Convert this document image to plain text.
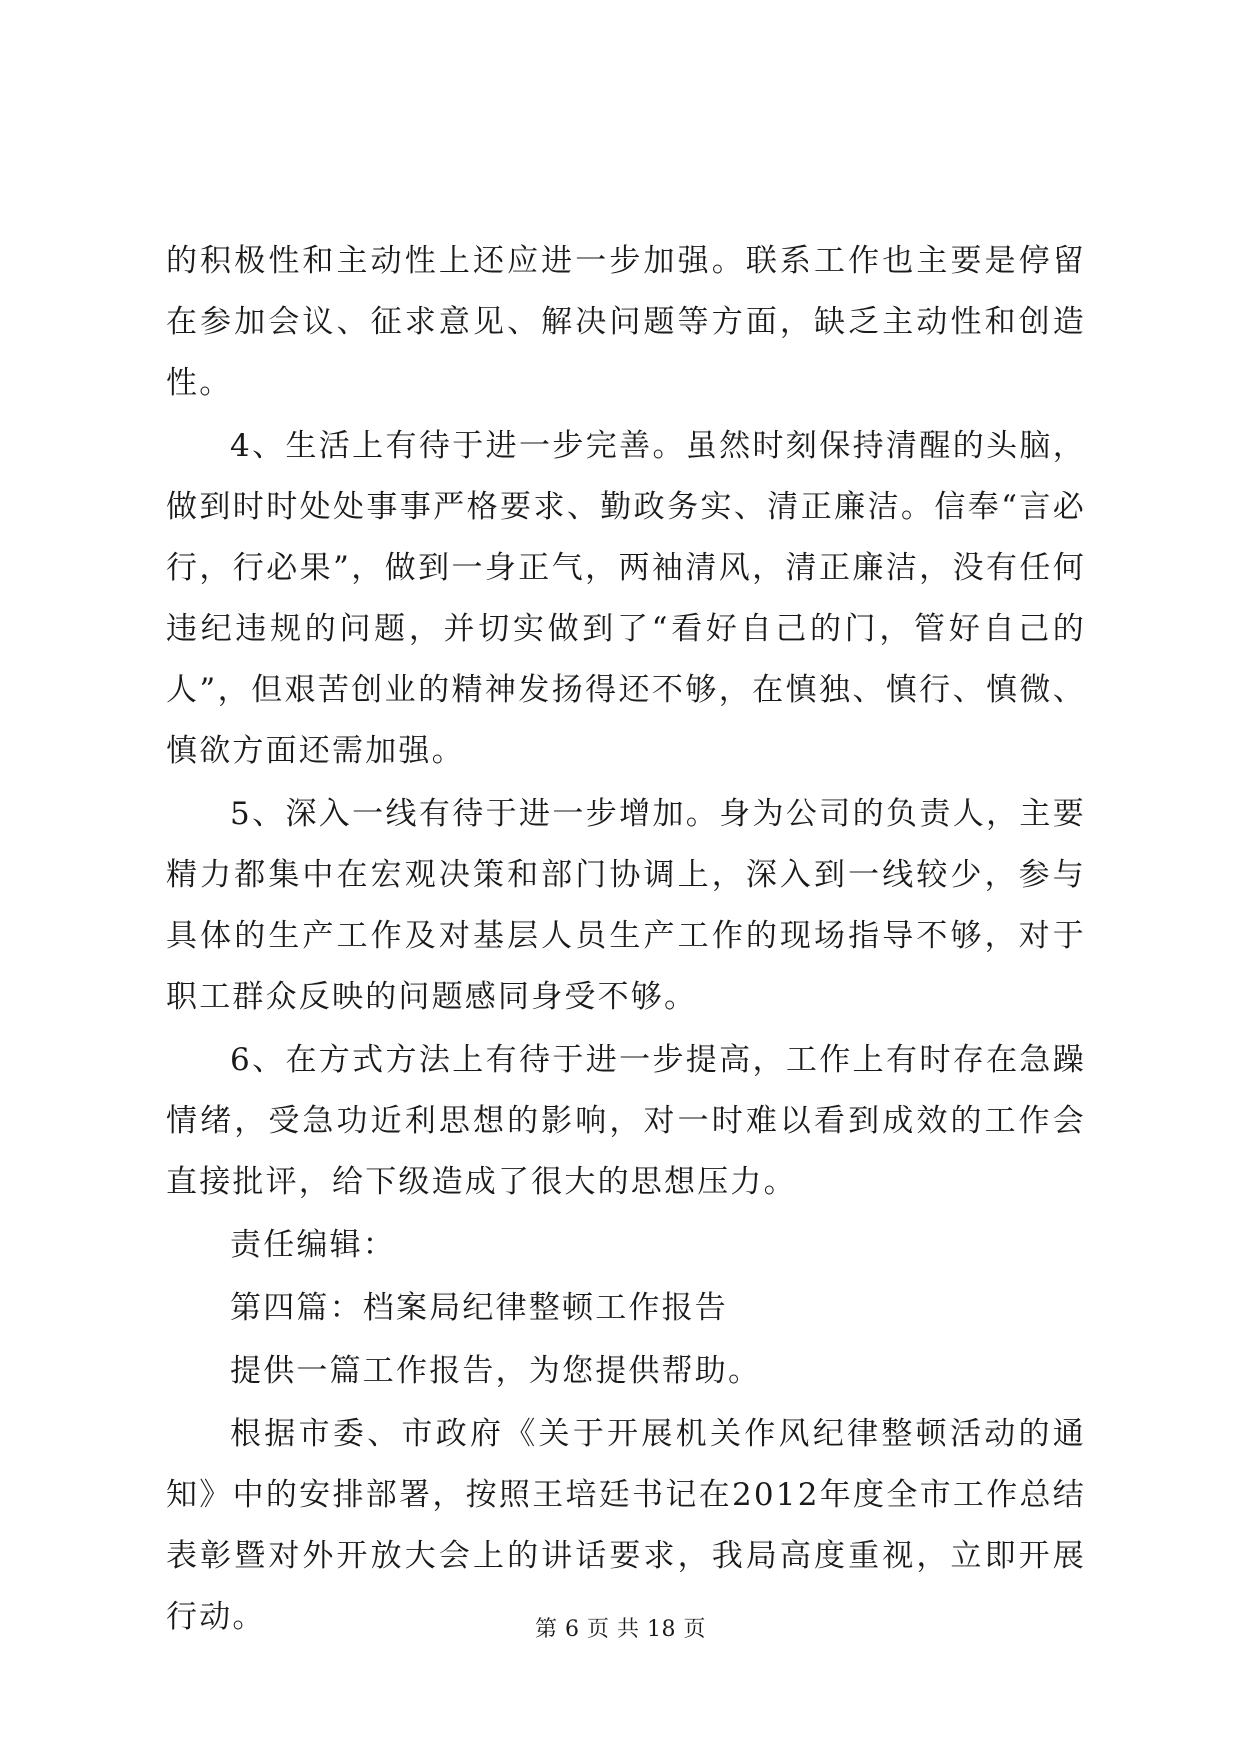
的积极性和主动性上还应进一步加强。联系工作也主要是停留在参加会议、征求意见、解决问题等方面，缺乏主动性和创造性。

4、生活上有待于进一步完善。虽然时刻保持清醒的头脑，做到时时处处事事严格要求、勤政务实、清正廉洁。信奉“言必行，行必果”，做到一身正气，两袖清风，清正廉洁，没有任何违纪违规的问题，并切实做到了“看好自己的门，管好自己的人”，但艰苦创业的精神发扬得还不够，在慎独、慎行、慎微、慎欲方面还需加强。

5、深入一线有待于进一步增加。身为公司的负责人，主要精力都集中在宏观决策和部门协调上，深入到一线较少，参与具体的生产工作及对基层人员生产工作的现场指导不够，对于职工群众反映的问题感同身受不够。

6、在方式方法上有待于进一步提高，工作上有时存在急躁情绪，受急功近利思想的影响，对一时难以看到成效的工作会直接批评，给下级造成了很大的思想压力。

责任编辑：

第四篇：档案局纪律整顿工作报告

提供一篇工作报告，为您提供帮助。

根据市委、市政府《关于开展机关作风纪律整顿活动的通知》中的安排部署，按照王培廷书记在2012年度全市工作总结表彰暨对外开放大会上的讲话要求，我局高度重视，立即开展行动。	第 6 页 共 18 页
